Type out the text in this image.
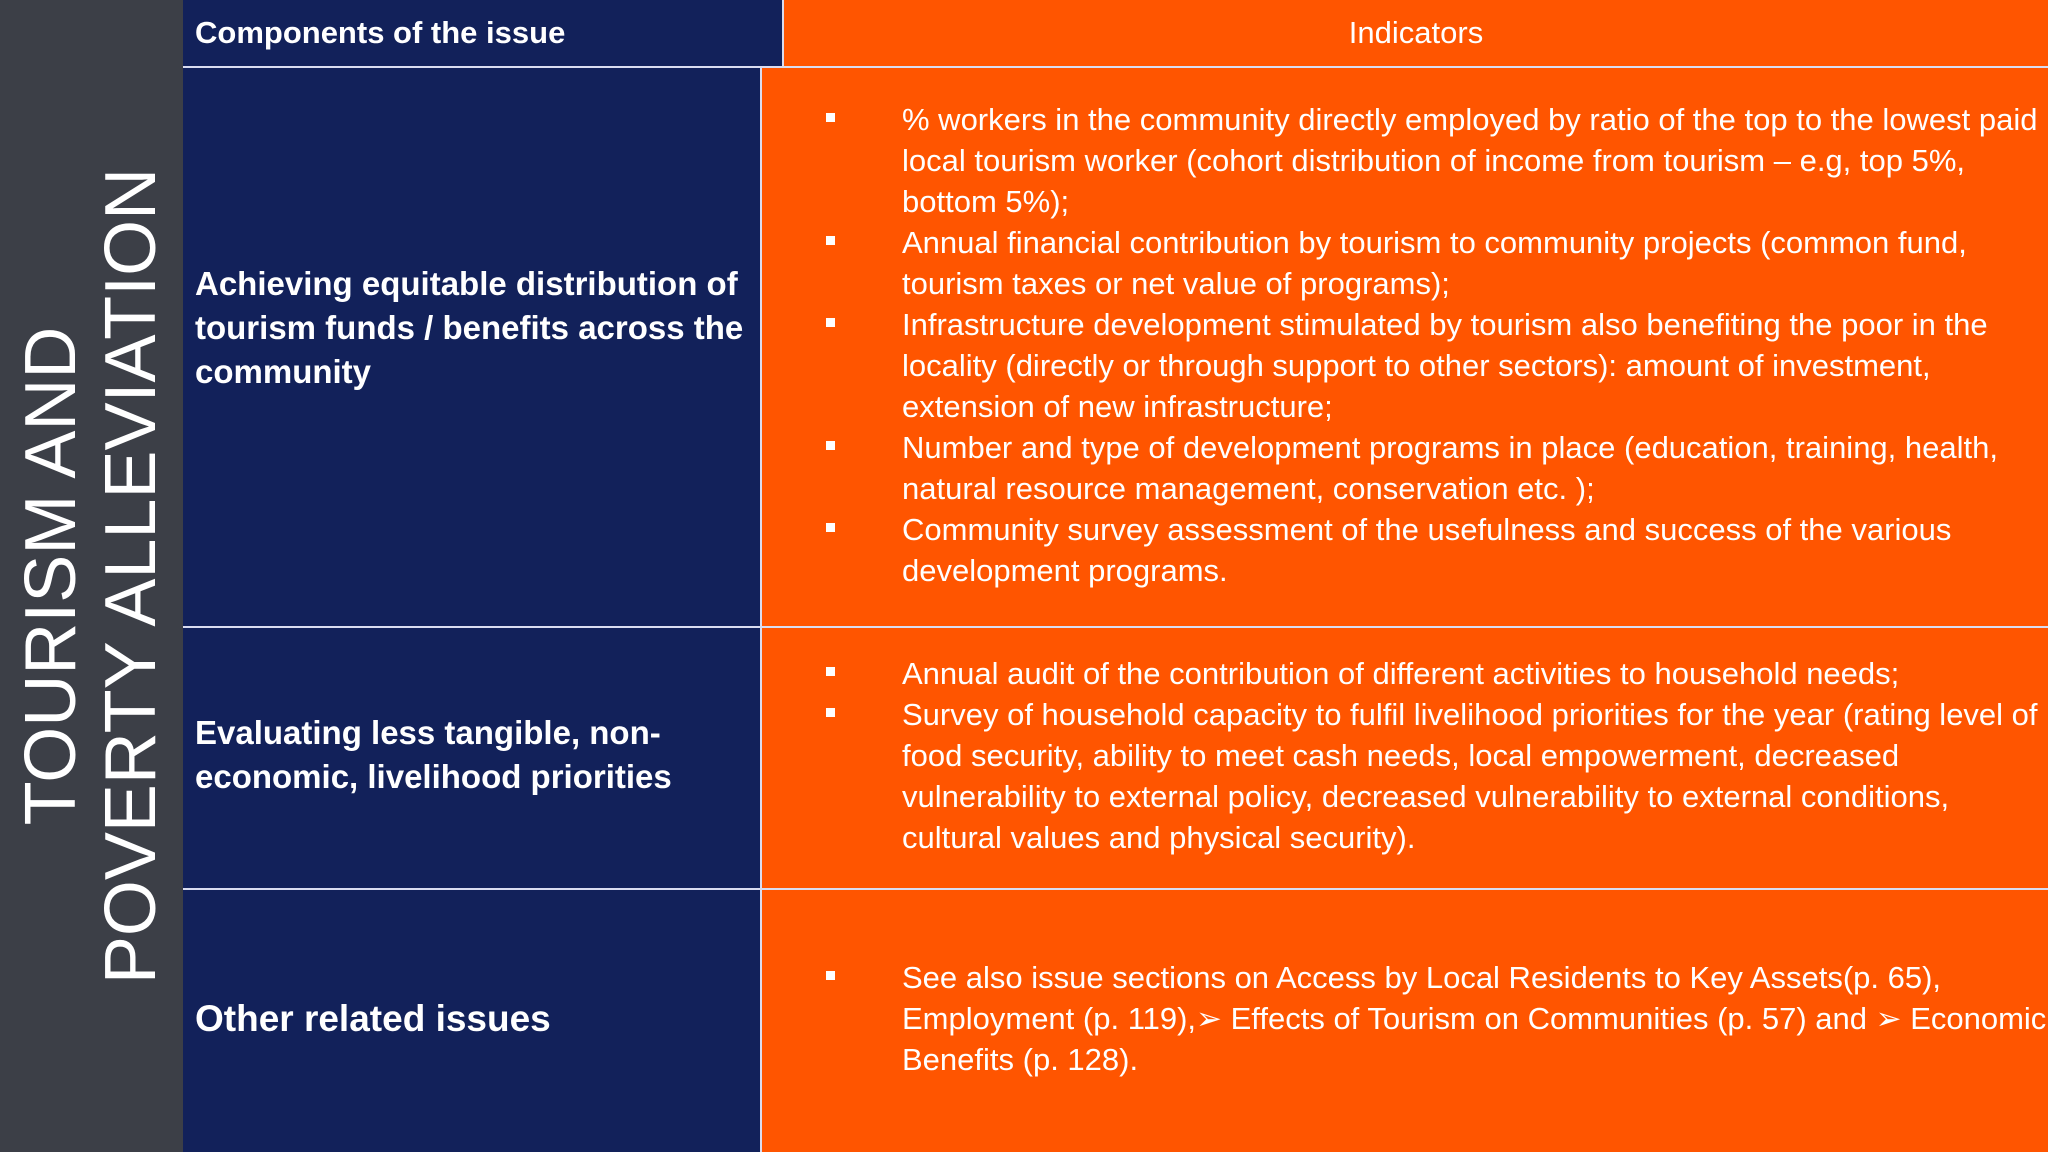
TOURISM AND POVERTY ALLEVIATION
Components of the issue	Indicators
Achieving equitable distribution of tourism funds / benefits across the community
% workers in the community directly employed by ratio of the top to the lowest paid local tourism worker (cohort distribution of income from tourism – e.g, top 5%, bottom 5%);
Annual financial contribution by tourism to community projects (common fund, tourism taxes or net value of programs);
Infrastructure development stimulated by tourism also benefiting the poor in the locality (directly or through support to other sectors): amount of investment, extension of new infrastructure;
Number and type of development programs in place (education, training, health, natural resource management, conservation etc. );
Community survey assessment of the usefulness and success of the various development programs.
Evaluating less tangible, non-economic, livelihood priorities
Annual audit of the contribution of different activities to household needs;
Survey of household capacity to fulfil livelihood priorities for the year (rating level of food security, ability to meet cash needs, local empowerment, decreased vulnerability to external policy, decreased vulnerability to external conditions, cultural values and physical security).
Other related issues
See also issue sections on Access by Local Residents to Key Assets(p. 65), Employment (p. 119),➢ Effects of Tourism on Communities (p. 57) and ➢ Economic Benefits (p. 128).
